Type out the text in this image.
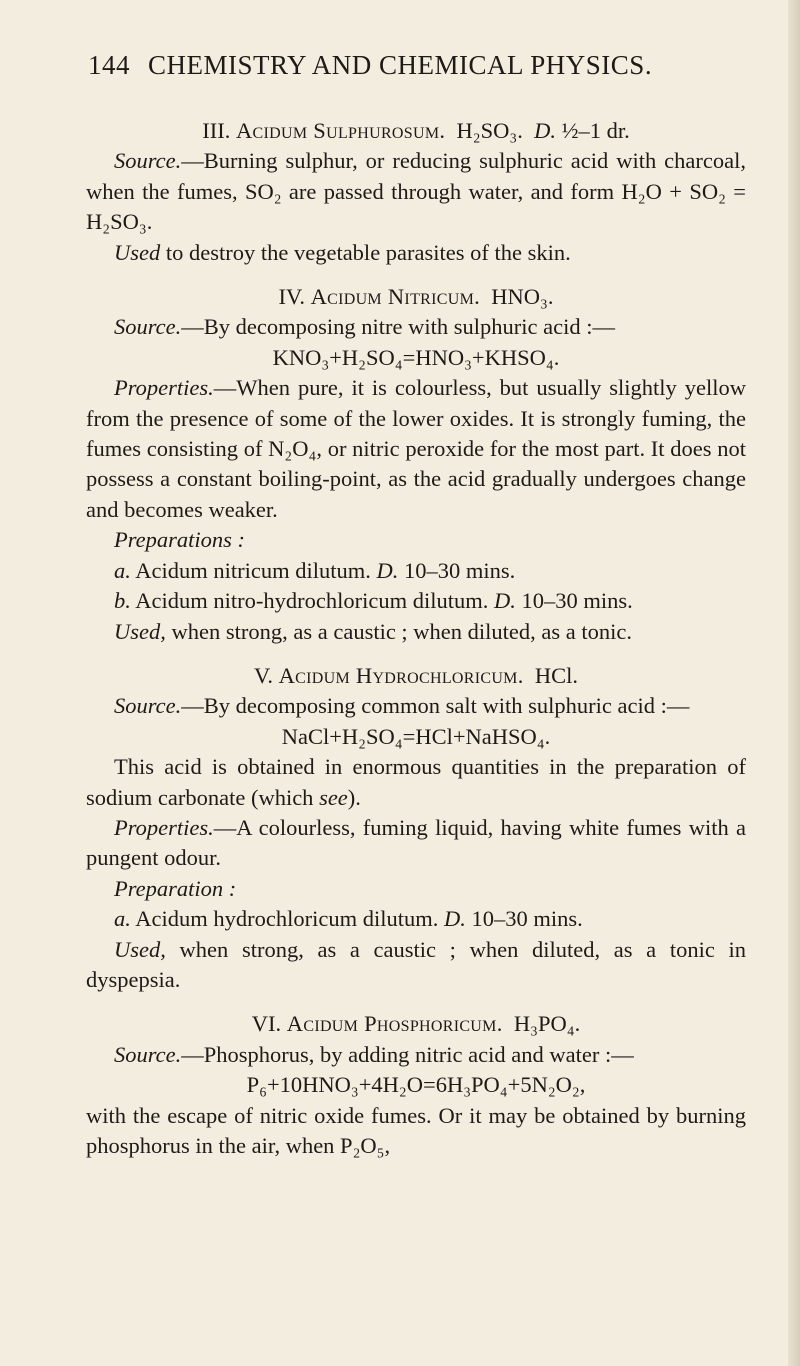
144 CHEMISTRY AND CHEMICAL PHYSICS.

III. Acidum Sulphurosum. H₂SO₃. D. ½–1 dr.

Source.—Burning sulphur, or reducing sulphuric acid with charcoal, when the fumes, SO₂ are passed through water, and form H₂O + SO₂ = H₂SO₃.

Used to destroy the vegetable parasites of the skin.

IV. Acidum Nitricum. HNO₃.

Source.—By decomposing nitre with sulphuric acid :—

KNO₃+H₂SO₄=HNO₃+KHSO₄.

Properties.—When pure, it is colourless, but usually slightly yellow from the presence of some of the lower oxides. It is strongly fuming, the fumes consisting of N₂O₄, or nitric peroxide for the most part. It does not possess a constant boiling-point, as the acid gradually undergoes change and becomes weaker.

Preparations :

a. Acidum nitricum dilutum. D. 10–30 mins.

b. Acidum nitro-hydrochloricum dilutum. D. 10–30 mins.

Used, when strong, as a caustic ; when diluted, as a tonic.

V. Acidum Hydrochloricum. HCl.

Source.—By decomposing common salt with sulphuric acid :—

NaCl+H₂SO₄=HCl+NaHSO₄.

This acid is obtained in enormous quantities in the preparation of sodium carbonate (which see).

Properties.—A colourless, fuming liquid, having white fumes with a pungent odour.

Preparation :

a. Acidum hydrochloricum dilutum. D. 10–30 mins.

Used, when strong, as a caustic ; when diluted, as a tonic in dyspepsia.

VI. Acidum Phosphoricum. H₃PO₄.

Source.—Phosphorus, by adding nitric acid and water :—

P₆+10HNO₃+4H₂O=6H₃PO₄+5N₂O₂,

with the escape of nitric oxide fumes. Or it may be obtained by burning phosphorus in the air, when P₂O₅,
